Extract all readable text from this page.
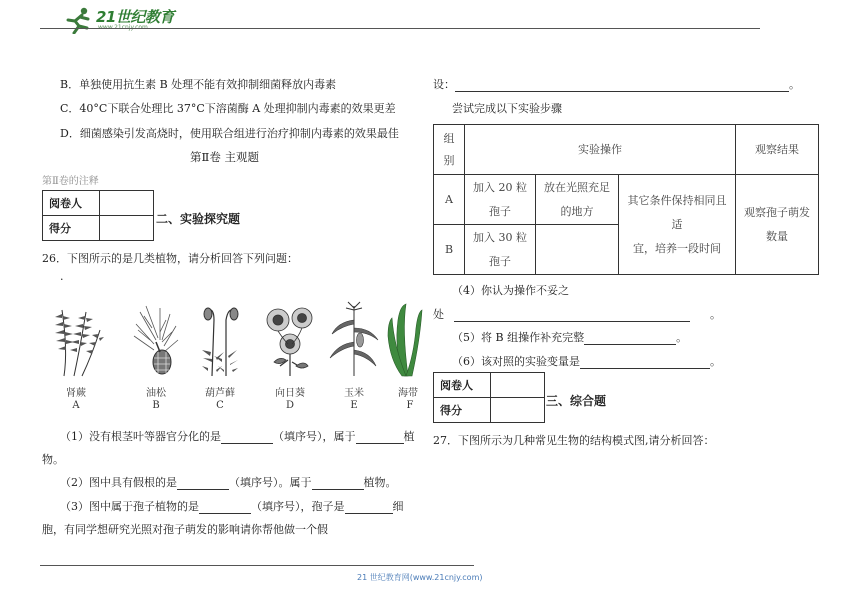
21世纪教育
www.21cnjy.com
B．单独使用抗生素 B 处理不能有效抑制细菌释放内毒素
C．40°C下联合处理比 37°C下溶菌酶 A 处理抑制内毒素的效果更差
D．细菌感染引发高烧时，使用联合组进行治疗抑制内毒素的效果最佳
第Ⅱ卷 主观题
第Ⅱ卷的注释
阅卷人	
得分	
二、实验探究题
26．下图所示的是几类植物，请分析回答下列问题：
.
肾蕨
A
油松
B
葫芦藓
C
向日葵
D
玉米
E
海带
F
（1）没有根茎叶等器官分化的是	（填序号），属于	植
物。
（2）图中具有假根的是	（填序号）。属于	植物。
（3）图中属于孢子植物的是	（填序号），孢子是	细
胞，有同学想研究光照对孢子萌发的影响请你帮他做一个假
设：	。
尝试完成以下实验步骤
组
别	实验操作			观察结果
A	加入 20 粒
孢子	放在光照充足
的地方	其它条件保持相同且适
宜，培养一段时间	观察孢子萌发
数量
B	加入 30 粒
孢子			
（4）你认为操作不妥之
处	。
（5）将 B 组操作补充完整	。
（6）该对照的实验变量是	。
阅卷人	
得分	
三、综合题
27．下图所示为几种常见生物的结构模式图,请分析回答：
21 世纪教育网(www.21cnjy.com)
